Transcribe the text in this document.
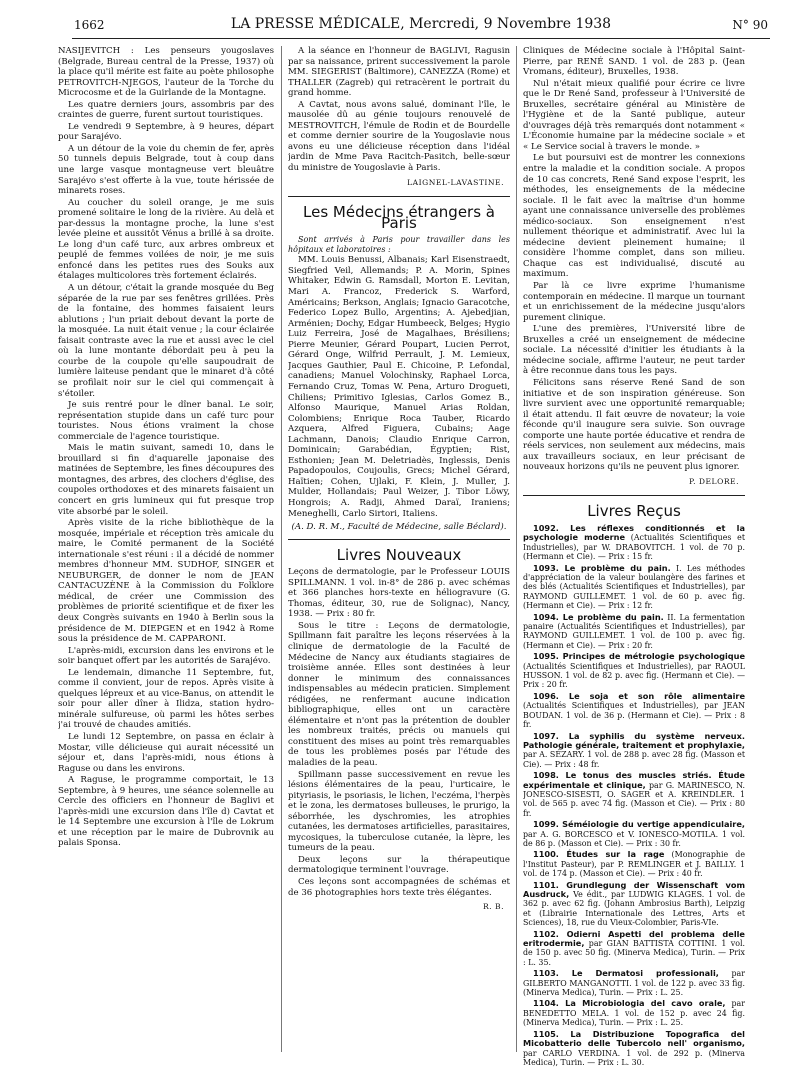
1662	LA PRESSE MÉDICALE, Mercredi, 9 Novembre 1938	N° 90

NASIJEVITCH : Les penseurs yougoslaves (Belgrade, Bureau central de la Presse, 1937) où la place qu'il mérite est faite au poète philosophe PETROVITCH-NJEGOS, l'auteur de la Torche du Microcosme et de la Guirlande de la Montagne.

Les quatre derniers jours, assombris par des craintes de guerre, furent surtout touristiques.

Le vendredi 9 Septembre, à 9 heures, départ pour Sarajévo.

A un détour de la voie du chemin de fer, après 50 tunnels depuis Belgrade, tout à coup dans une large vasque montagneuse vert bleuâtre Sarajévo s'est offerte à la vue, toute hérissée de minarets roses.

Au coucher du soleil orange, je me suis promené solitaire le long de la rivière. Au delà et par-dessus la montagne proche, la lune s'est levée pleine et aussitôt Vénus a brillé à sa droite. Le long d'un café turc, aux arbres ombreux et peuplé de femmes voilées de noir, je me suis enfoncé dans les petites rues des Souks aux étalages multicolores très fortement éclairés.

A un détour, c'était la grande mosquée du Beg séparée de la rue par ses fenêtres grillées. Près de la fontaine, des hommes faisaient leurs ablutions ; l'un priait debout devant la porte de la mosquée. La nuit était venue ; la cour éclairée faisait contraste avec la rue et aussi avec le ciel où la lune montante débordait peu à peu la courbe de la coupole qu'elle saupoudrait de lumière laiteuse pendant que le minaret d'à côté se profilait noir sur le ciel qui commençait à s'étoiler.

Je suis rentré pour le dîner banal. Le soir, représentation stupide dans un café turc pour touristes. Nous étions vraiment la chose commerciale de l'agence touristique.

Mais le matin suivant, samedi 10, dans le brouillard si fin d'aquarelle japonaise des matinées de Septembre, les fines découpures des montagnes, des arbres, des clochers d'église, des coupoles orthodoxes et des minarets faisaient un concert en gris lumineux qui fut presque trop vite absorbé par le soleil.

Après visite de la riche bibliothèque de la mosquée, impériale et réception très amicale du maire, le Comité permanent de la Société internationale s'est réuni : il a décidé de nommer membres d'honneur MM. SUDHOF, SINGER et NEUBURGER, de donner le nom de JEAN CANTACUZÈNE à la Commission du Folklore médical, de créer une Commission des problèmes de priorité scientifique et de fixer les deux Congrès suivants en 1940 à Berlin sous la présidence de M. DIEPGEN et en 1942 à Rome sous la présidence de M. CAPPARONI.

L'après-midi, excursion dans les environs et le soir banquet offert par les autorités de Sarajévo.

Le lendemain, dimanche 11 Septembre, fut, comme il convient, jour de repos. Après visite à quelques lépreux et au vice-Banus, on attendit le soir pour aller dîner à Ilidza, station hydro-minérale sulfureuse, où parmi les hôtes serbes j'ai trouvé de chaudes amitiés.

Le lundi 12 Septembre, on passa en éclair à Mostar, ville délicieuse qui aurait nécessité un séjour et, dans l'après-midi, nous étions à Raguse ou dans les environs.

A Raguse, le programme comportait, le 13 Septembre, à 9 heures, une séance solennelle au Cercle des officiers en l'honneur de Baglivi et l'après-midi une excursion dans l'île d) Cavtat et le 14 Septembre une excursion à l'île de Lokrum et une réception par le maire de Dubrovnik au palais Sponsa.

A la séance en l'honneur de BAGLIVI, Ragusin par sa naissance, prirent successivement la parole MM. SIEGERIST (Baltimore), CANEZZA (Rome) et THALLER (Zagreb) qui retracèrent le portrait du grand homme.

A Cavtat, nous avons salué, dominant l'île, le mausolée dû au génie toujours renouvelé de MESTROVITCH, l'émule de Rodin et de Bourdelle et comme dernier sourire de la Yougoslavie nous avons eu une délicieuse réception dans l'idéal jardin de Mme Pava Racitch-Pasitch, belle-sœur du ministre de Yougoslavie à Paris.

LAIGNEL-LAVASTINE.
Les Médecins étrangers à Paris

Sont arrivés à Paris pour travailler dans les hôpitaux et laboratoires :

MM. Louis Benussi, Albanais; Karl Eisenstraedt, Siegfried Veil, Allemands; P. A. Morin, Spines Whitaker, Edwin G. Ramsdall, Morton E. Levitan, Mari A. Francoz, Frederick S. Warford, Américains; Berkson, Anglais; Ignacio Garacotche, Federico Lopez Bullo, Argentins; A. Ajebedjian, Arménien; Dochy, Edgar Humbeeck, Belges; Hygio Luiz Ferreira, José de Magalhaes, Brésiliens; Pierre Meunier, Gérard Poupart, Lucien Perrot, Gérard Onge, Wilfrid Perrault, J. M. Lemieux, Jacques Gauthier, Paul E. Chicoine, P. Lefondal, canadiens; Manuel Volochinsky, Raphael Lorca, Fernando Cruz, Tomas W. Pena, Arturo Drogueti, Chiliens; Primitivo Iglesias, Carlos Gomez B., Alfonso Maurique, Manuel Arias Roldan, Colombiens; Enrique Roca Tauber, Ricardo Azquera, Alfred Figuera, Cubains; Aage Lachmann, Danois; Claudio Enrique Carron, Dominicain; Garabédian, Égyptien; Rist, Esthonien; Jean M. Deletriadès, Inglessis, Denis Papadopoulos, Coujoulis, Grecs; Michel Gérard, Haïtien; Cohen, Ujlaki, F. Klein, J. Muller, J. Mulder, Hollandais; Paul Weizer, J. Tibor Löwy, Hongrois; A. Radji, Ahmed Daraï, Iraniens; Meneghelli, Carlo Sirtori, Italiens.

(A. D. R. M., Faculté de Médecine, salle Béclard).

Livres Nouveaux

Leçons de dermatologie, par le Professeur LOUIS SPILLMANN. 1 vol. in-8° de 286 p. avec schémas et 366 planches hors-texte en héliogravure (G. Thomas, éditeur, 30, rue de Solignac), Nancy, 1938. — Prix : 80 fr.

Sous le titre : Leçons de dermatologie, Spillmann fait paraître les leçons réservées à la clinique de dermatologie de la Faculté de Médecine de Nancy aux étudiants stagiaires de troisième année. Elles sont destinées à leur donner le minimum des connaissances indispensables au médecin praticien. Simplement rédigées, ne renfermant aucune indication bibliographique, elles ont un caractère élémentaire et n'ont pas la prétention de doubler les nombreux traités, précis ou manuels qui constituent des mises au point très remarquables de tous les problèmes posés par l'étude des maladies de la peau.

Spillmann passe successivement en revue les lésions élémentaires de la peau, l'urticaire, le pityriasis, le psoriasis, le lichen, l'eczéma, l'herpès et le zona, les dermatoses bulleuses, le prurigo, la séborrhée, les dyschromies, les atrophies cutanées, les dermatoses artificielles, parasitaires, mycosiques, la tuberculose cutanée, la lèpre, les tumeurs de la peau.

Deux leçons sur la thérapeutique dermatologique terminent l'ouvrage.

Ces leçons sont accompagnées de schémas et de 36 photographies hors texte très élégantes.

R. B.

Cliniques de Médecine sociale à l'Hôpital Saint-Pierre, par RENÉ SAND. 1 vol. de 283 p. (Jean Vromans, éditeur), Bruxelles, 1938.

Nul n'était mieux qualifié pour écrire ce livre que le Dr René Sand, professeur à l'Université de Bruxelles, secrétaire général au Ministère de l'Hygiène et de la Santé publique, auteur d'ouvrages déjà très remarqués dont notamment « L'Économie humaine par la médecine sociale » et « Le Service social à travers le monde. »

Le but poursuivi est de montrer les connexions entre la maladie et la condition sociale. A propos de 10 cas concrets, René Sand expose l'esprit, les méthodes, les enseignements de la médecine sociale. Il le fait avec la maîtrise d'un homme ayant une connaissance universelle des problèmes médico-sociaux. Son enseignement n'est nullement théorique et administratif. Avec lui la médecine devient pleinement humaine; il considère l'homme complet, dans son milieu. Chaque cas est individualisé, discuté au maximum.

Par là ce livre exprime l'humanisme contemporain en médecine. Il marque un tournant et un enrichissement de la médecine jusqu'alors purement clinique.

L'une des premières, l'Université libre de Bruxelles a créé un enseignement de médecine sociale. La nécessité d'initier les étudiants à la médecine sociale, affirme l'auteur, ne peut tarder à être reconnue dans tous les pays.

Félicitons sans réserve René Sand de son initiative et de son inspiration généreuse. Son livre survient avec une opportunité remarquable; il était attendu. Il fait œuvre de novateur; la voie féconde qu'il inaugure sera suivie. Son ouvrage comporte une haute portée éducative et rendra de réels services, non seulement aux médecins, mais aux travailleurs sociaux, en leur précisant de nouveaux horizons qu'ils ne peuvent plus ignorer.

P. DELORE.
Livres Reçus

1092. Les réflexes conditionnés et la psychologie moderne (Actualités Scientifiques et Industrielles), par W. DRABOVITCH. 1 vol. de 70 p. (Hermann et Cie). — Prix : 15 fr.

1093. Le problème du pain. I. Les méthodes d'appréciation de la valeur boulangère des farines et des blés (Actualités Scientifiques et Industrielles), par RAYMOND GUILLEMET. 1 vol. de 60 p. avec fig. (Hermann et Cie). — Prix : 12 fr.

1094. Le problème du pain. II. La fermentation panaire (Actualités Scientifiques et Industrielles), par RAYMOND GUILLEMET. 1 vol. de 100 p. avec fig. (Hermann et Cie). — Prix : 20 fr.

1095. Principes de métrologie psychologique (Actualités Scientifiques et Industrielles), par RAOUL HUSSON. 1 vol. de 82 p. avec fig. (Hermann et Cie). — Prix : 20 fr.

1096. Le soja et son rôle alimentaire (Actualités Scientifiques et Industrielles), par JEAN BOUDAN. 1 vol. de 36 p. (Hermann et Cie). — Prix : 8 fr.

1097. La syphilis du système nerveux. Pathologie générale, traitement et prophylaxie, par A. SÉZARY. 1 vol. de 288 p. avec 28 fig. (Masson et Cie). — Prix : 48 fr.

1098. Le tonus des muscles striés. Étude expérimentale et clinique, par G. MARINESCO, N. JONESCO-SISESTI, O. SAGER et A. KREINDLER. 1 vol. de 565 p. avec 74 fig. (Masson et Cie). — Prix : 80 fr.

1099. Séméiologie du vertige appendiculaire, par A. G. BORCESCO et V. IONESCO-MOTILA. 1 vol. de 86 p. (Masson et Cie). — Prix : 30 fr.

1100. Études sur la rage (Monographie de l'Institut Pasteur), par P. REMLINGER et J. BAILLY. 1 vol. de 174 p. (Masson et Cie). — Prix : 40 fr.

1101. Grundlegung der Wissenschaft vom Ausdruck, Ve édit., par LUDWIG KLAGES. 1 vol. de 362 p. avec 62 fig. (Johann Ambrosius Barth), Leipzig et (Librairie Internationale des Lettres, Arts et Sciences), 18, rue du Vieux-Colombier, Paris-VIe.

1102. Odierni Aspetti del problema delle eritrodermie, par GIAN BATTISTA COTTINI. 1 vol. de 150 p. avec 50 fig. (Minerva Medica), Turin. — Prix : L. 35.

1103. Le Dermatosi professionali, par GILBERTO MANGANOTTI. 1 vol. de 122 p. avec 33 fig. (Minerva Medica), Turin. — Prix : L. 25.

1104. La Microbiologia del cavo orale, par BENEDETTO MELA. 1 vol. de 152 p. avec 24 fig. (Minerva Medica), Turin. — Prix : L. 25.

1105. La Distribuzione Topografica del Micobatterio delle Tubercolo nell' organismo, par CARLO VERDINA. 1 vol. de 292 p. (Minerva Medica), Turin. — Prix : L. 30.
